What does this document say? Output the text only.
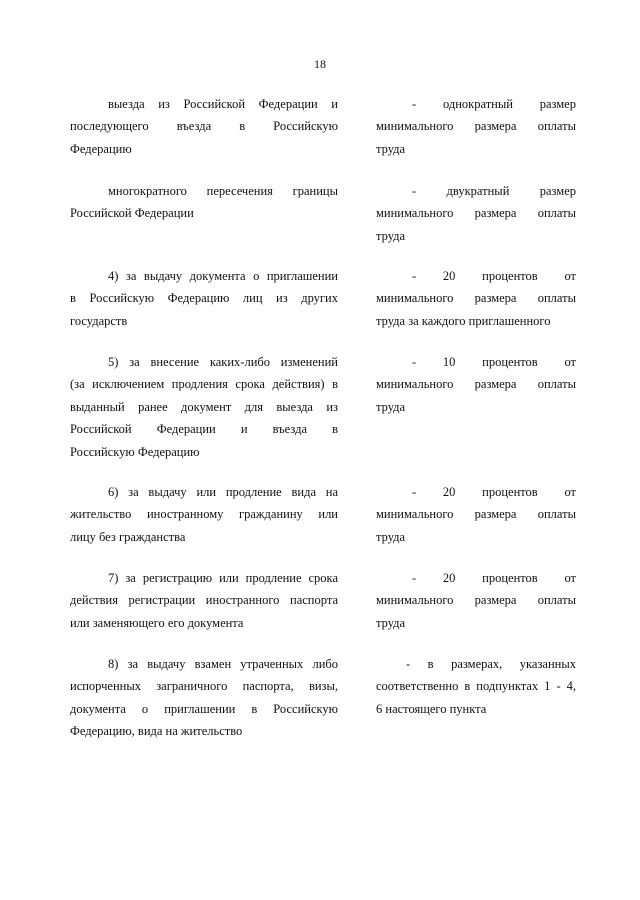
18
выезда из Российской Федерации и
последующего въезда в Российскую
Федерацию
- однократный размер
минимального размера оплаты
труда
многократного пересечения границы
Российской Федерации
- двукратный размер
минимального размера оплаты
труда
4) за выдачу документа о приглашении
в Российскую Федерацию лиц из других
государств
- 20 процентов от
минимального размера оплаты
труда за каждого приглашенного
5) за внесение каких-либо изменений
(за исключением продления срока действия) в
выданный ранее документ для выезда из
Российской Федерации и въезда в
Российскую Федерацию
- 10 процентов от
минимального размера оплаты
труда
6) за выдачу или продление вида на
жительство иностранному гражданину или
лицу без гражданства
- 20 процентов от
минимального размера оплаты
труда
7) за регистрацию или продление срока
действия регистрации иностранного паспорта
или заменяющего его документа
- 20 процентов от
минимального размера оплаты
труда
8) за выдачу взамен утраченных либо
испорченных заграничного паспорта, визы,
документа о приглашении в Российскую
Федерацию, вида на жительство
- в размерах, указанных
соответственно в подпунктах 1 - 4,
6 настоящего пункта
